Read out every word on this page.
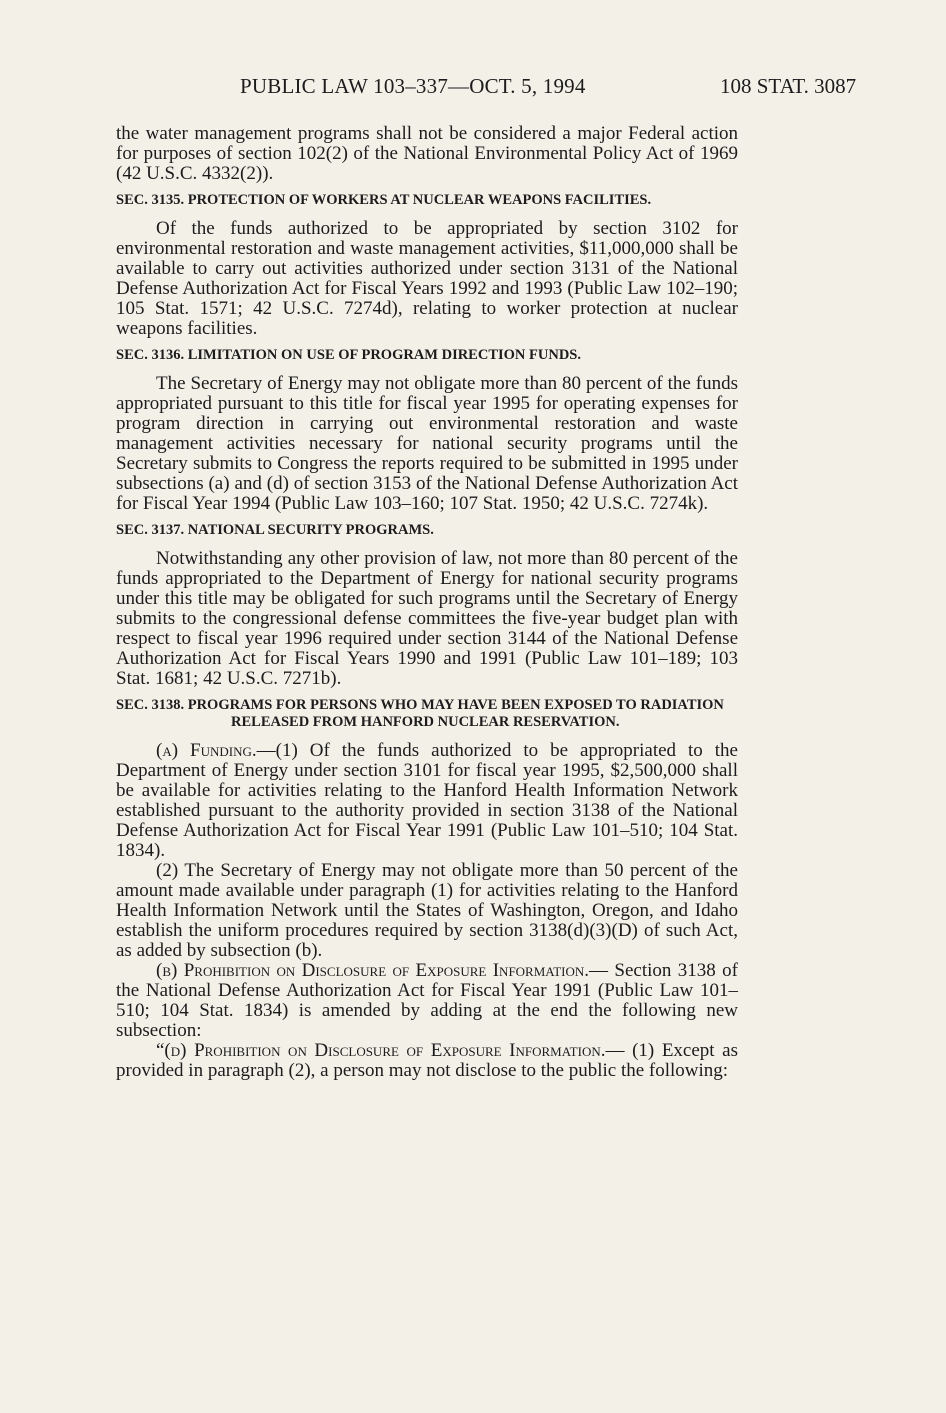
PUBLIC LAW 103–337—OCT. 5, 1994	108 STAT. 3087

the water management programs shall not be considered a major Federal action for purposes of section 102(2) of the National Environmental Policy Act of 1969 (42 U.S.C. 4332(2)).

SEC. 3135. PROTECTION OF WORKERS AT NUCLEAR WEAPONS FACILITIES.

Of the funds authorized to be appropriated by section 3102 for environmental restoration and waste management activities, $11,000,000 shall be available to carry out activities authorized under section 3131 of the National Defense Authorization Act for Fiscal Years 1992 and 1993 (Public Law 102–190; 105 Stat. 1571; 42 U.S.C. 7274d), relating to worker protection at nuclear weapons facilities.

SEC. 3136. LIMITATION ON USE OF PROGRAM DIRECTION FUNDS.

The Secretary of Energy may not obligate more than 80 percent of the funds appropriated pursuant to this title for fiscal year 1995 for operating expenses for program direction in carrying out environmental restoration and waste management activities necessary for national security programs until the Secretary submits to Congress the reports required to be submitted in 1995 under subsections (a) and (d) of section 3153 of the National Defense Authorization Act for Fiscal Year 1994 (Public Law 103–160; 107 Stat. 1950; 42 U.S.C. 7274k).

SEC. 3137. NATIONAL SECURITY PROGRAMS.

Notwithstanding any other provision of law, not more than 80 percent of the funds appropriated to the Department of Energy for national security programs under this title may be obligated for such programs until the Secretary of Energy submits to the congressional defense committees the five-year budget plan with respect to fiscal year 1996 required under section 3144 of the National Defense Authorization Act for Fiscal Years 1990 and 1991 (Public Law 101–189; 103 Stat. 1681; 42 U.S.C. 7271b).

SEC. 3138. PROGRAMS FOR PERSONS WHO MAY HAVE BEEN EXPOSED TO RADIATION RELEASED FROM HANFORD NUCLEAR RESERVATION.

(a) Funding.—(1) Of the funds authorized to be appropriated to the Department of Energy under section 3101 for fiscal year 1995, $2,500,000 shall be available for activities relating to the Hanford Health Information Network established pursuant to the authority provided in section 3138 of the National Defense Authorization Act for Fiscal Year 1991 (Public Law 101–510; 104 Stat. 1834).

(2) The Secretary of Energy may not obligate more than 50 percent of the amount made available under paragraph (1) for activities relating to the Hanford Health Information Network until the States of Washington, Oregon, and Idaho establish the uniform procedures required by section 3138(d)(3)(D) of such Act, as added by subsection (b).

(b) Prohibition on Disclosure of Exposure Information.— Section 3138 of the National Defense Authorization Act for Fiscal Year 1991 (Public Law 101–510; 104 Stat. 1834) is amended by adding at the end the following new subsection:

“(d) Prohibition on Disclosure of Exposure Information.— (1) Except as provided in paragraph (2), a person may not disclose to the public the following:
